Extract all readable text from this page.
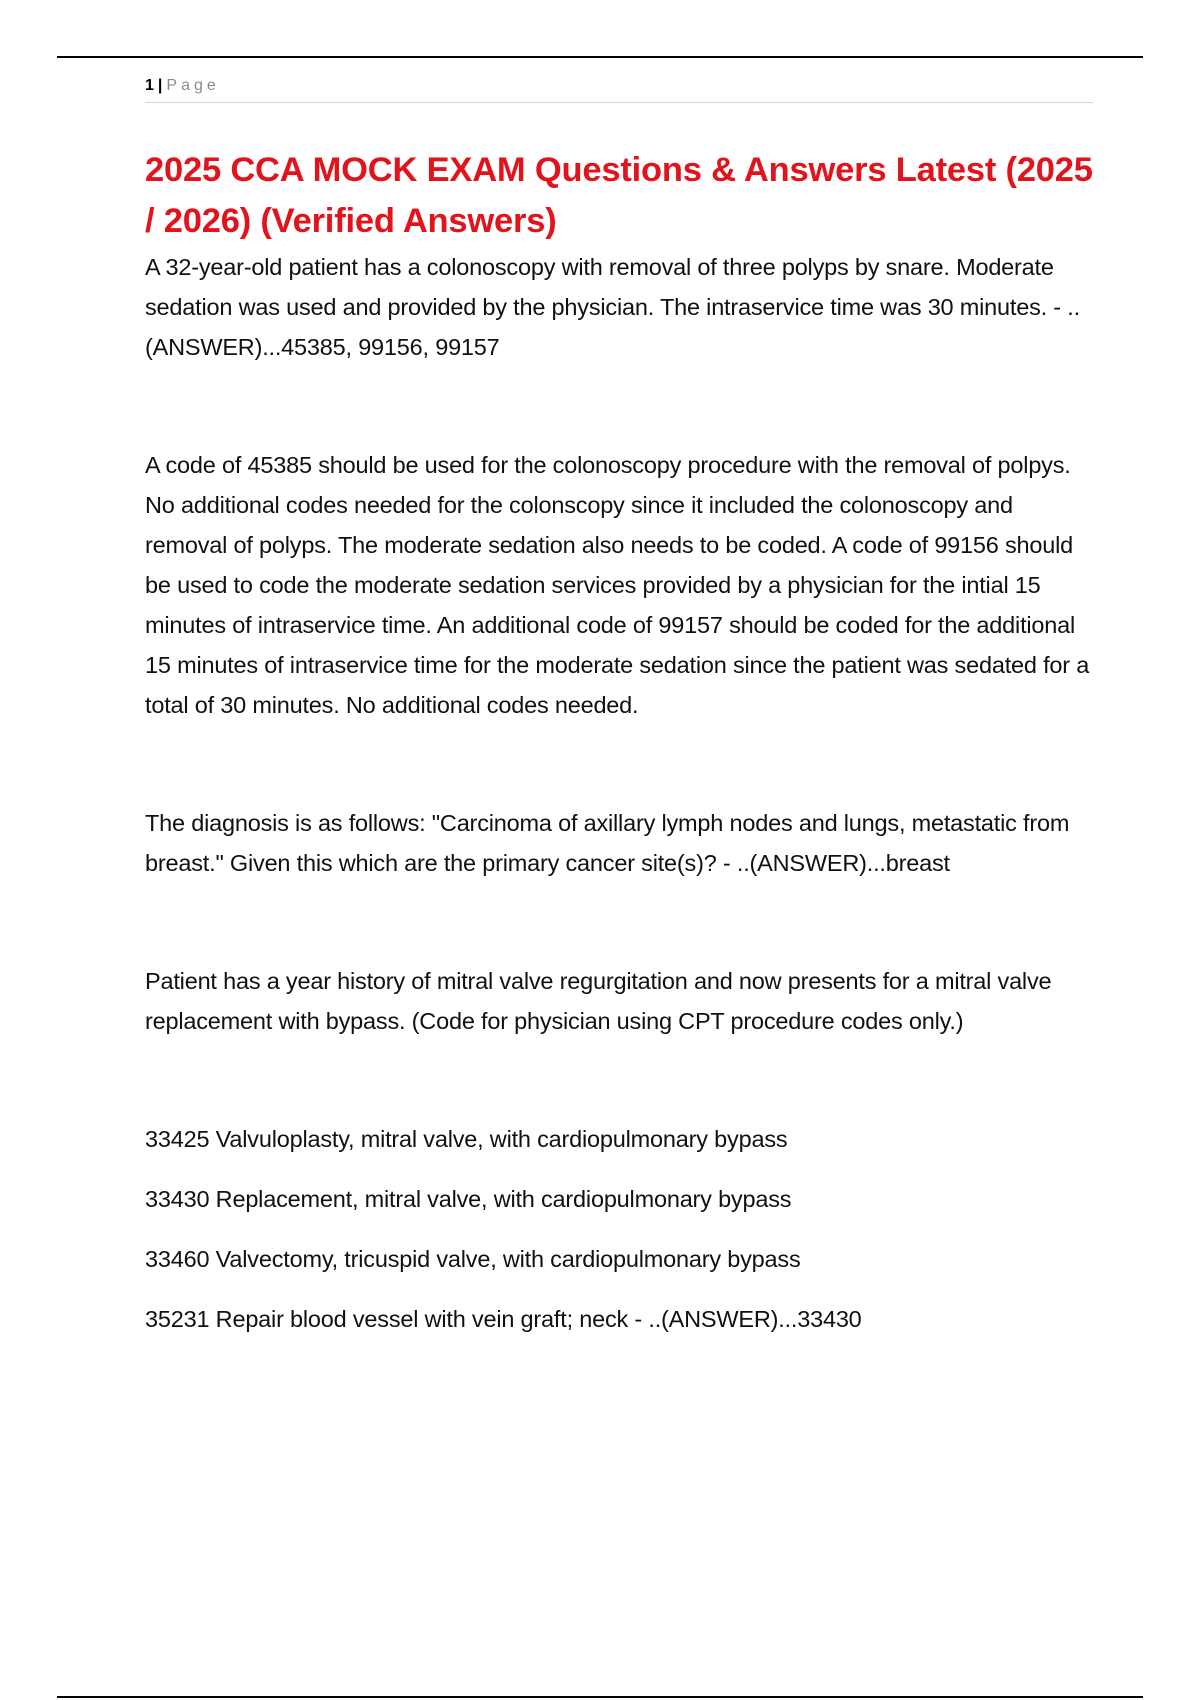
1 | Page
2025 CCA MOCK EXAM Questions & Answers Latest (2025 / 2026) (Verified Answers)

A 32-year-old patient has a colonoscopy with removal of three polyps by snare. Moderate sedation was used and provided by the physician. The intraservice time was 30 minutes. - ..(ANSWER)...45385, 99156, 99157

A code of 45385 should be used for the colonoscopy procedure with the removal of polpys. No additional codes needed for the colonscopy since it included the colonoscopy and removal of polyps. The moderate sedation also needs to be coded. A code of 99156 should be used to code the moderate sedation services provided by a physician for the intial 15 minutes of intraservice time. An additional code of 99157 should be coded for the additional 15 minutes of intraservice time for the moderate sedation since the patient was sedated for a total of 30 minutes. No additional codes needed.

The diagnosis is as follows: "Carcinoma of axillary lymph nodes and lungs, metastatic from breast." Given this which are the primary cancer site(s)? - ..(ANSWER)...breast

Patient has a year history of mitral valve regurgitation and now presents for a mitral valve replacement with bypass. (Code for physician using CPT procedure codes only.)

33425 Valvuloplasty, mitral valve, with cardiopulmonary bypass

33430 Replacement, mitral valve, with cardiopulmonary bypass

33460 Valvectomy, tricuspid valve, with cardiopulmonary bypass

35231 Repair blood vessel with vein graft; neck - ..(ANSWER)...33430
